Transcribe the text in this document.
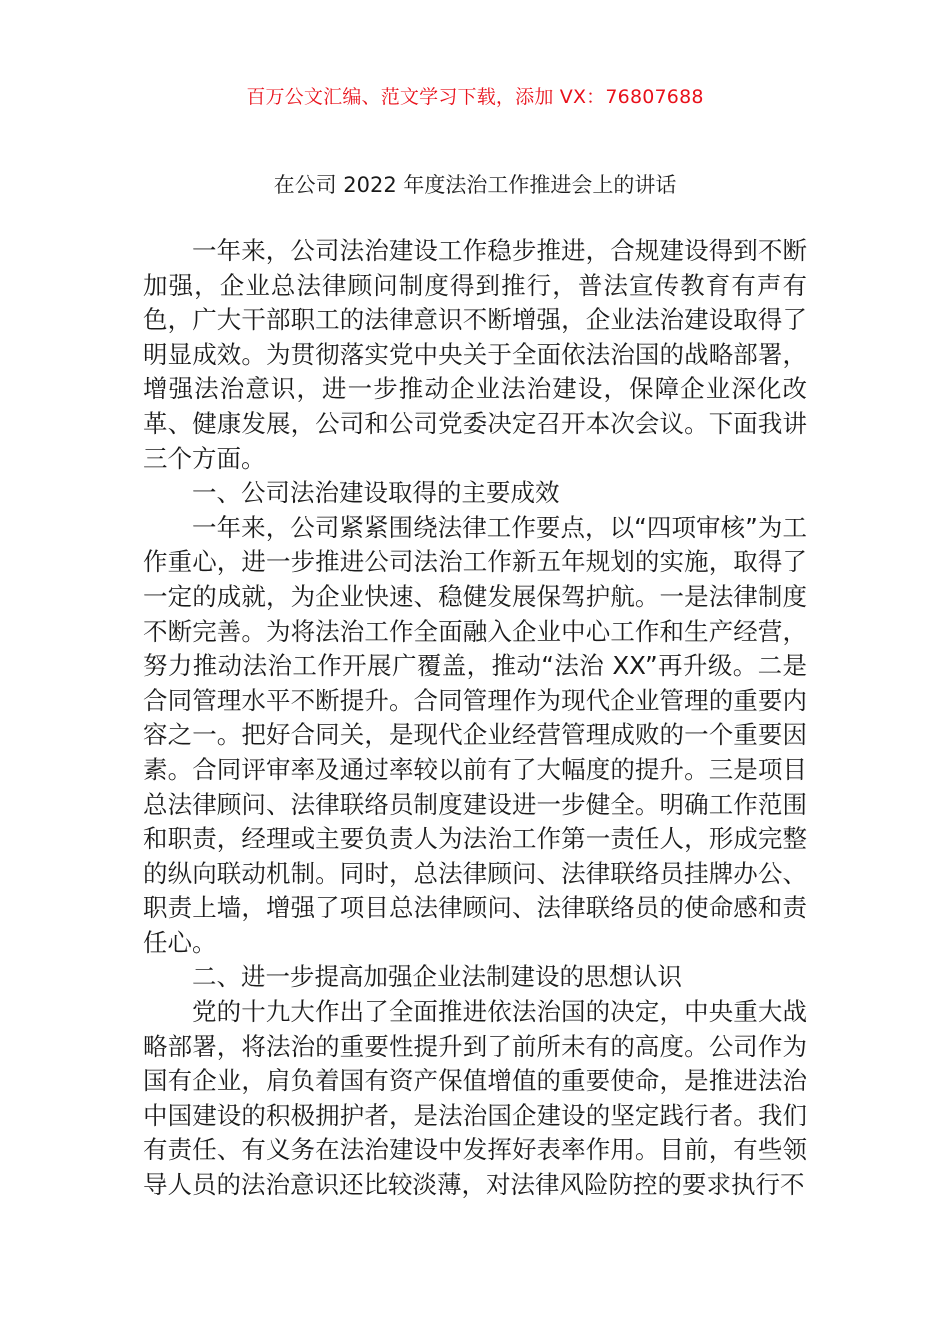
百万公文汇编、范文学习下载，添加 VX：76807688
在公司 2022 年度法治工作推进会上的讲话

一年来，公司法治建设工作稳步推进，合规建设得到不断加强，企业总法律顾问制度得到推行，普法宣传教育有声有色，广大干部职工的法律意识不断增强，企业法治建设取得了明显成效。为贯彻落实党中央关于全面依法治国的战略部署，增强法治意识，进一步推动企业法治建设，保障企业深化改革、健康发展，公司和公司党委决定召开本次会议。下面我讲三个方面。

一、公司法治建设取得的主要成效

一年来，公司紧紧围绕法律工作要点，以“四项审核”为工作重心，进一步推进公司法治工作新五年规划的实施，取得了一定的成就，为企业快速、稳健发展保驾护航。一是法律制度不断完善。为将法治工作全面融入企业中心工作和生产经营，努力推动法治工作开展广覆盖，推动“法治 XX”再升级。二是合同管理水平不断提升。合同管理作为现代企业管理的重要内容之一。把好合同关，是现代企业经营管理成败的一个重要因素。合同评审率及通过率较以前有了大幅度的提升。三是项目总法律顾问、法律联络员制度建设进一步健全。明确工作范围和职责，经理或主要负责人为法治工作第一责任人，形成完整的纵向联动机制。同时，总法律顾问、法律联络员挂牌办公、职责上墙，增强了项目总法律顾问、法律联络员的使命感和责任心。

二、进一步提高加强企业法制建设的思想认识

党的十九大作出了全面推进依法治国的决定，中央重大战略部署，将法治的重要性提升到了前所未有的高度。公司作为国有企业，肩负着国有资产保值增值的重要使命，是推进法治中国建设的积极拥护者，是法治国企建设的坚定践行者。我们有责任、有义务在法治建设中发挥好表率作用。目前，有些领导人员的法治意识还比较淡薄，对法律风险防控的要求执行不
